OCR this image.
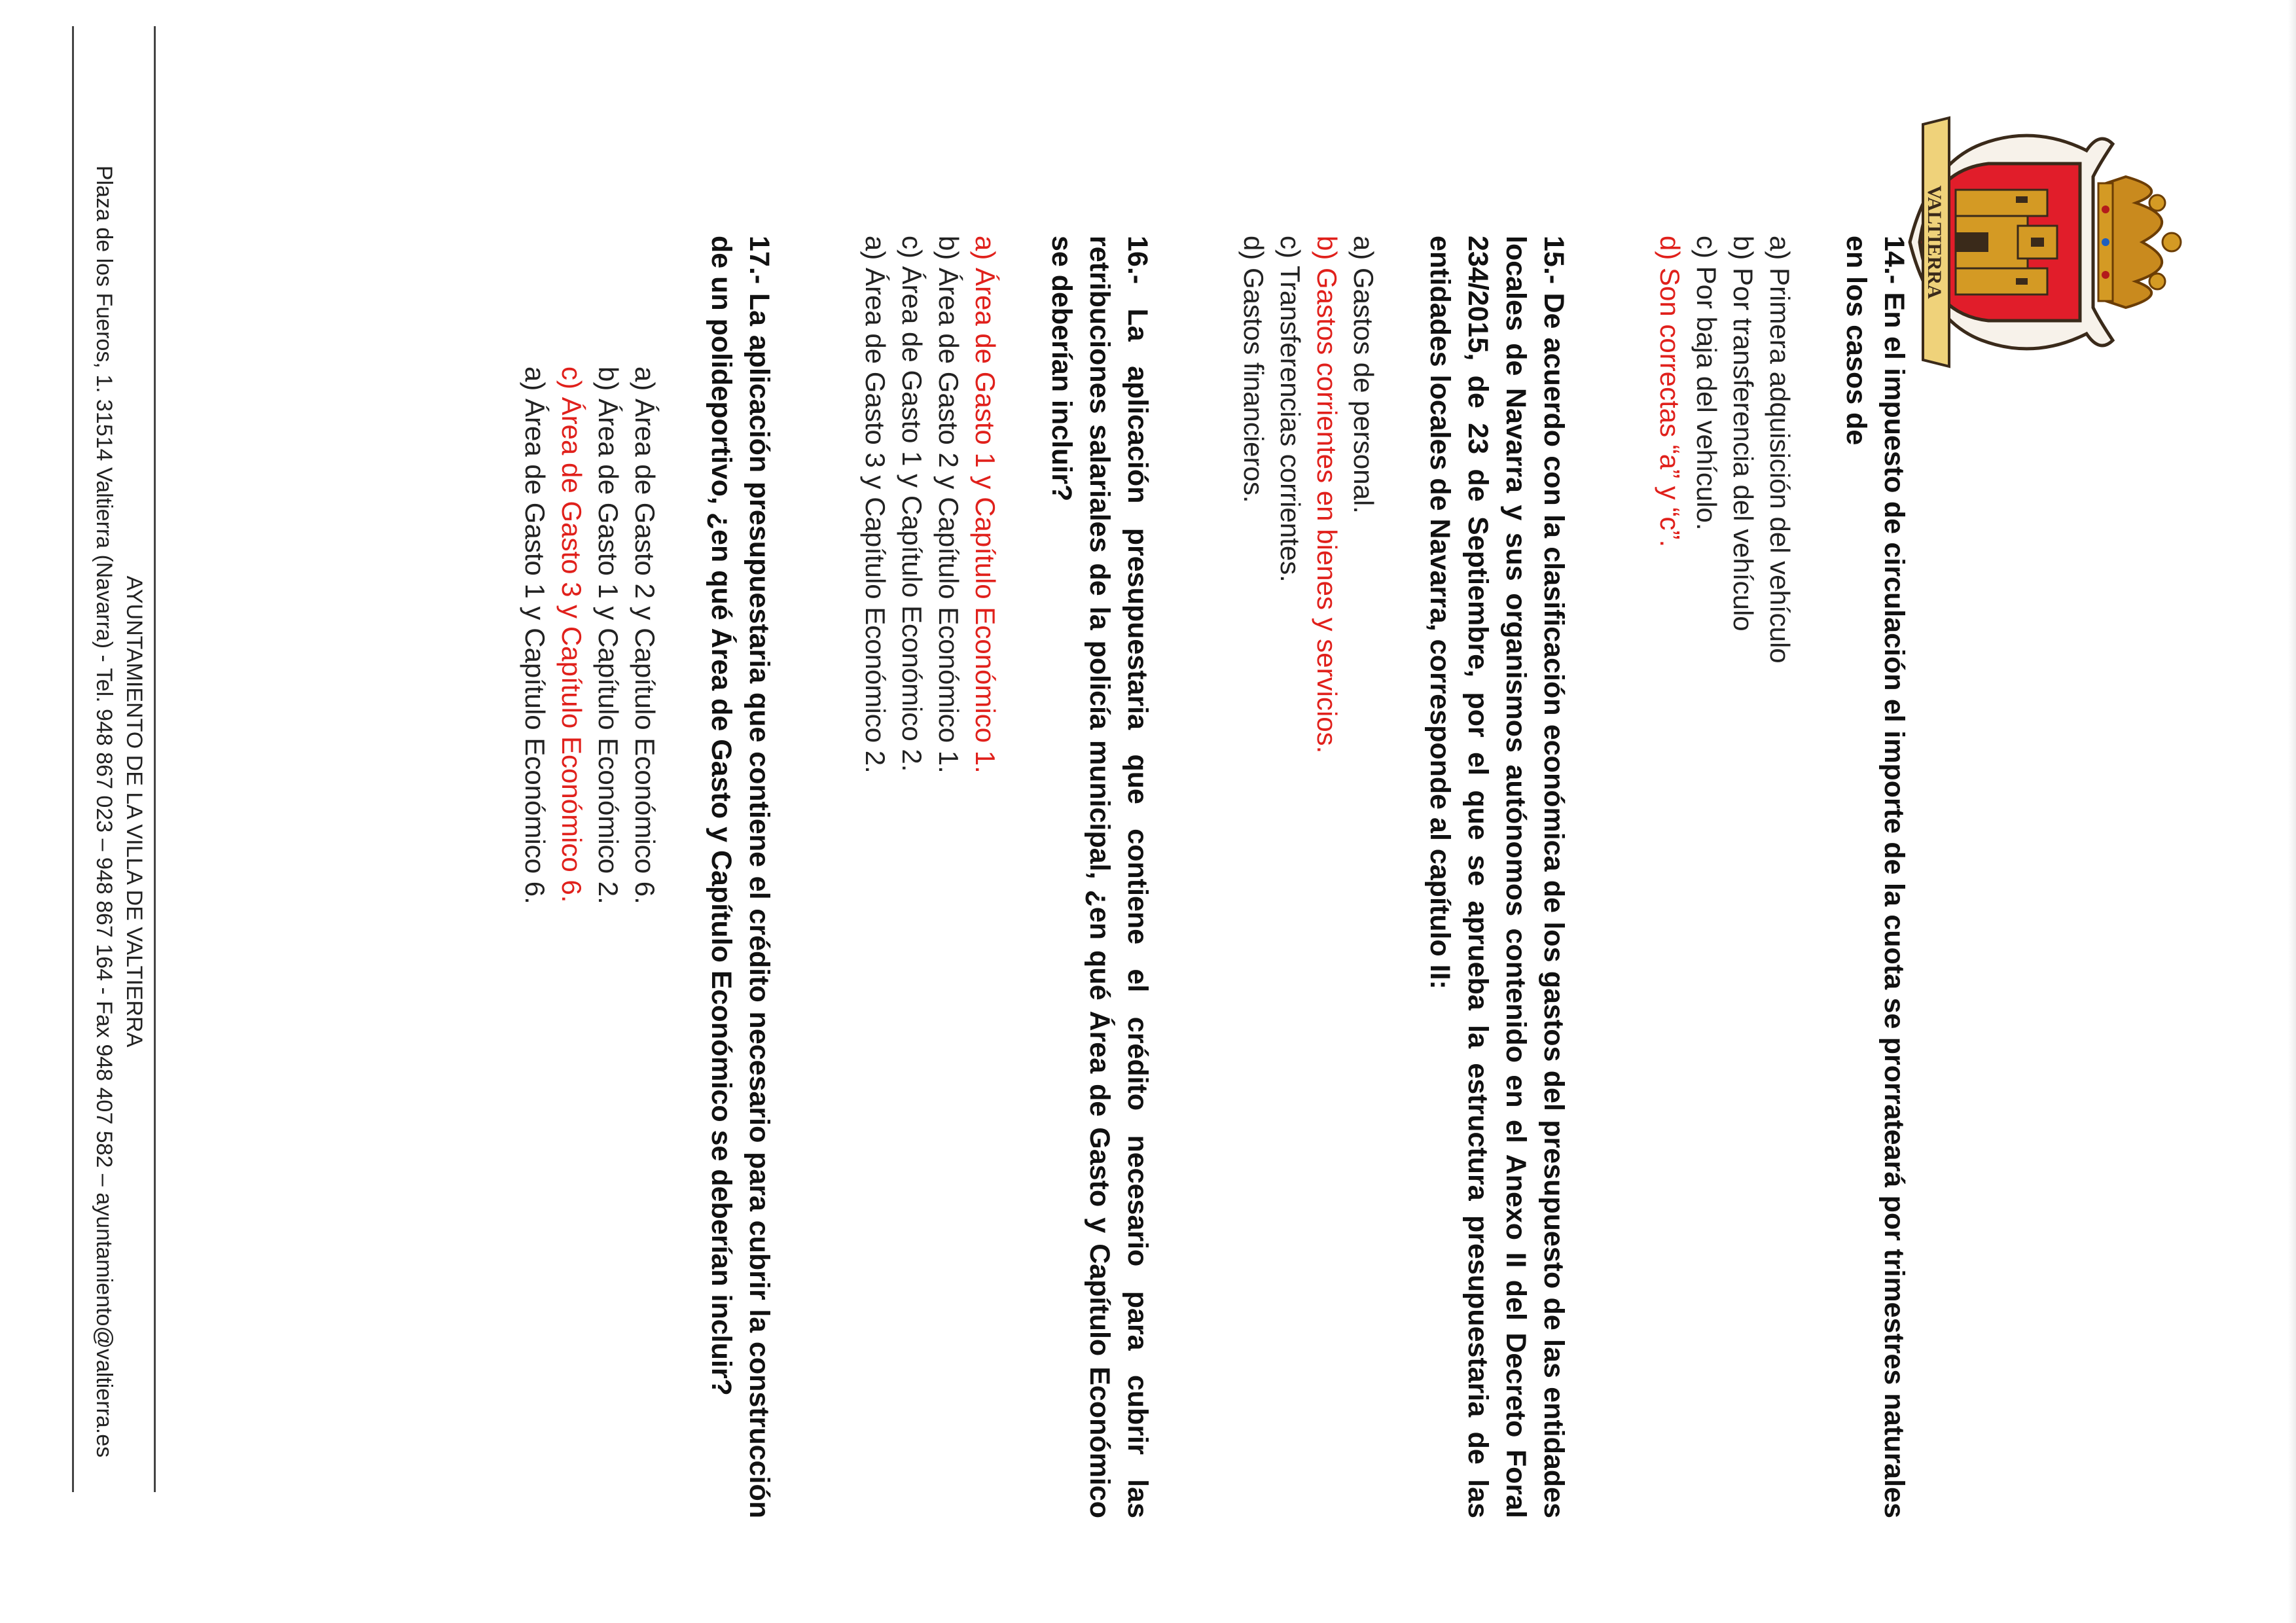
VALTIERRA

14.- En el impuesto de circulación el importe de la cuota se prorrateará por trimestres naturales en los casos de

a) Primera adquisición del vehículo
b) Por transferencia del vehículo
c) Por baja del vehículo.
d) Son correctas “a” y “c”.

15.- De acuerdo con la clasificación económica de los gastos del presupuesto de las entidades locales de Navarra y sus organismos autónomos contenido en el Anexo II del Decreto Foral 234/2015, de 23 de Septiembre, por el que se aprueba la estructura presupuestaria de las entidades locales de Navarra, corresponde al capítulo II:

a) Gastos de personal.
b) Gastos corrientes en bienes y servicios.
c) Transferencias corrientes.
d) Gastos financieros.

16.- La aplicación presupuestaria que contiene el crédito necesario para cubrir las retribuciones salariales de la policía municipal, ¿en qué Área de Gasto y Capítulo Económico se deberían incluir?

a) Área de Gasto 1 y Capítulo Económico 1.
b) Área de Gasto 2 y Capítulo Económico 1.
c) Área de Gasto 1 y Capítulo Económico 2.
a) Área de Gasto 3 y Capítulo Económico 2.

17.- La aplicación presupuestaria que contiene el crédito necesario para cubrir la construcción de un polideportivo, ¿en qué Área de Gasto y Capítulo Económico se deberían incluir?

a) Área de Gasto 2 y Capítulo Económico 6.
b) Área de Gasto 1 y Capítulo Económico 2.
c) Área de Gasto 3 y Capítulo Económico 6.
a) Área de Gasto 1 y Capítulo Económico 6.
AYUNTAMIENTO DE LA VILLA DE VALTIERRA
Plaza de los Fueros, 1. 31514 Valtierra (Navarra) - Tel. 948 867 023 – 948 867 164 - Fax 948 407 582 – ayuntamiento@valtierra.es
